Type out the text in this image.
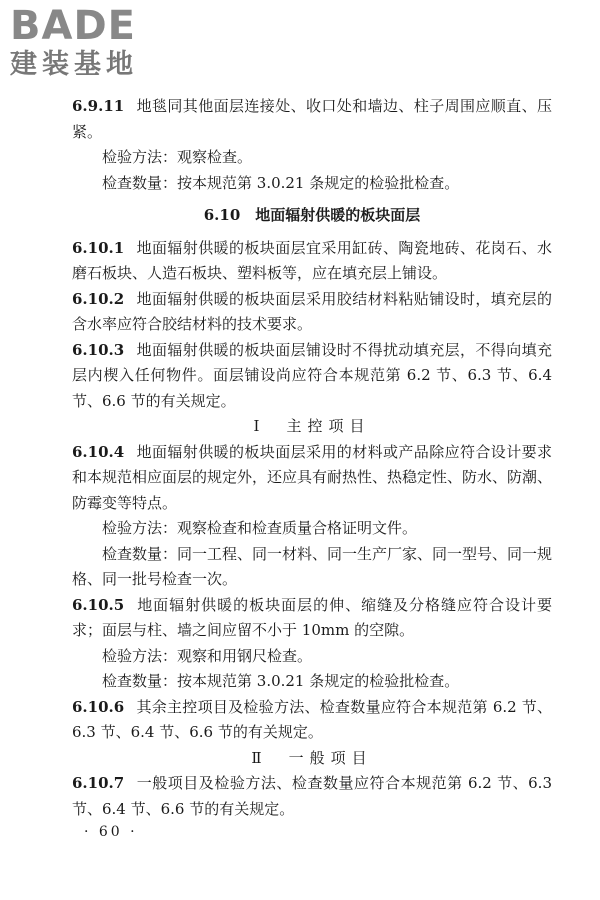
BADE
建装基地

6.9.11 地毯同其他面层连接处、收口处和墙边、柱子周围应顺直、压紧。

检验方法：观察检查。

检查数量：按本规范第 3.0.21 条规定的检验批检查。

6.10　地面辐射供暖的板块面层

6.10.1 地面辐射供暖的板块面层宜采用缸砖、陶瓷地砖、花岗石、水磨石板块、人造石板块、塑料板等，应在填充层上铺设。

6.10.2 地面辐射供暖的板块面层采用胶结材料粘贴铺设时，填充层的含水率应符合胶结材料的技术要求。

6.10.3 地面辐射供暖的板块面层铺设时不得扰动填充层，不得向填充层内楔入任何物件。面层铺设尚应符合本规范第 6.2 节、6.3 节、6.4 节、6.6 节的有关规定。

Ⅰ　主控项目

6.10.4 地面辐射供暖的板块面层采用的材料或产品除应符合设计要求和本规范相应面层的规定外，还应具有耐热性、热稳定性、防水、防潮、防霉变等特点。

检验方法：观察检查和检查质量合格证明文件。

检查数量：同一工程、同一材料、同一生产厂家、同一型号、同一规格、同一批号检查一次。

6.10.5 地面辐射供暖的板块面层的伸、缩缝及分格缝应符合设计要求；面层与柱、墙之间应留不小于 10mm 的空隙。

检验方法：观察和用钢尺检查。

检查数量：按本规范第 3.0.21 条规定的检验批检查。

6.10.6 其余主控项目及检验方法、检查数量应符合本规范第 6.2 节、6.3 节、6.4 节、6.6 节的有关规定。

Ⅱ　一般项目

6.10.7 一般项目及检验方法、检查数量应符合本规范第 6.2 节、6.3 节、6.4 节、6.6 节的有关规定。

· 60 ·
